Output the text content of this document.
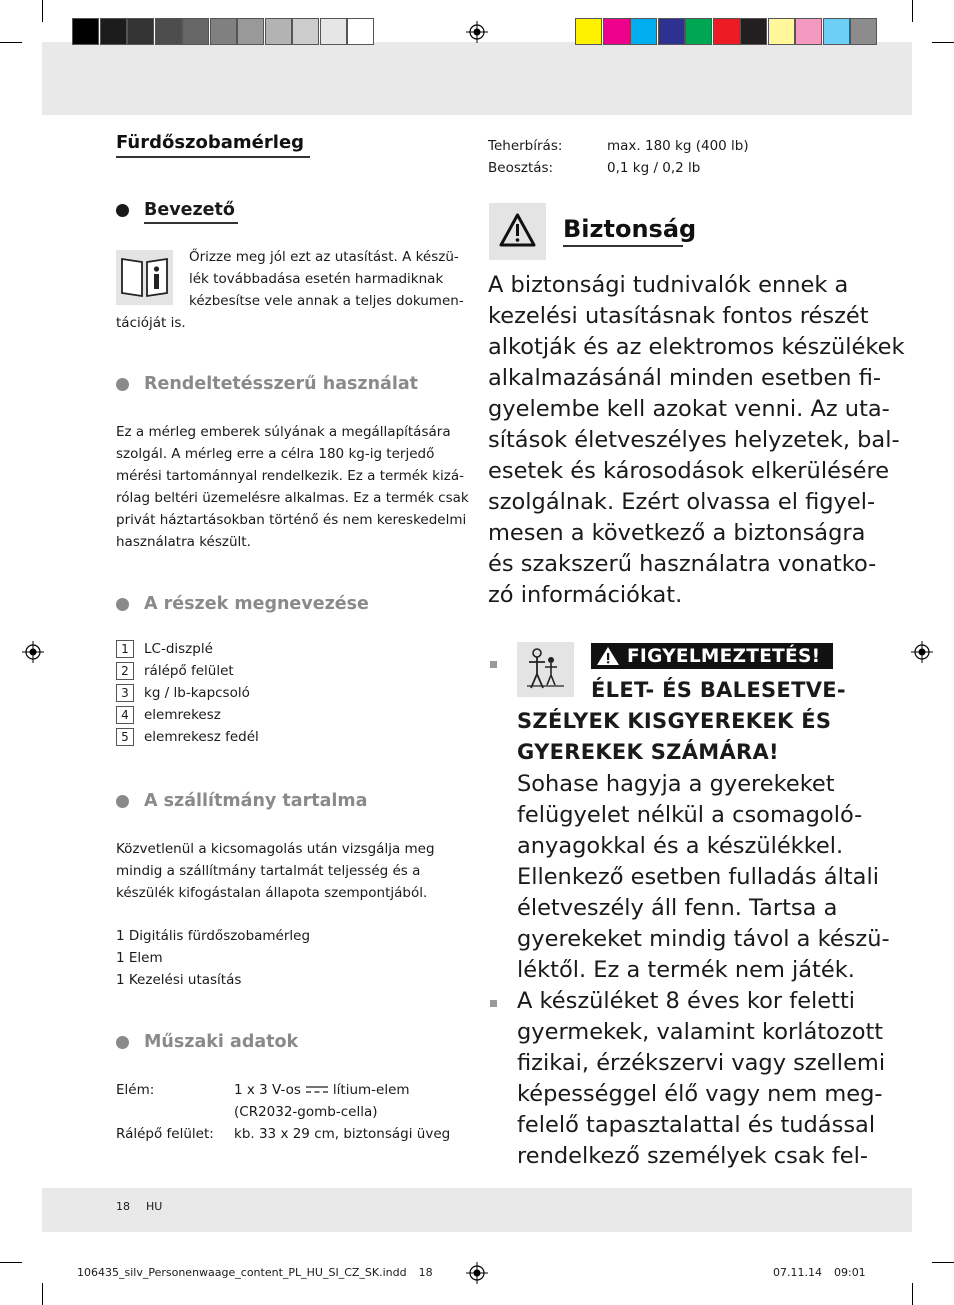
Fürdőszobamérleg
Bevezető
Őrizze meg jól ezt az utasítást. A készü-
lék továbbadása esetén harmadiknak
kézbesítse vele annak a teljes dokumen-
tációját is.
Rendeltetésszerű használat
Ez a mérleg emberek súlyának a megállapítására
szolgál. A mérleg erre a célra 180 kg-ig terjedő
mérési tartománnyal rendelkezik. Ez a termék kizá-
rólag beltéri üzemelésre alkalmas. Ez a termék csak
privát háztartásokban történő és nem kereskedelmi
használatra készült.
A részek megnevezése
1	LC-diszplé
2	rálépő felület
3	kg / lb-kapcsoló
4	elemrekesz
5	elemrekesz fedél
A szállítmány tartalma
Közvetlenül a kicsomagolás után vizsgálja meg
mindig a szállítmány tartalmát teljesség és a
készülék kifogástalan állapota szempontjából.
1 Digitális fürdőszobamérleg
1 Elem
1 Kezelési utasítás
Műszaki adatok
Elém:	1 x 3 V-os lítium-elem
(CR2032-gomb-cella)
Rálépő felület: kb. 33 x 29 cm, biztonsági üveg
Teherbírás:	max. 180 kg (400 lb)
Beosztás:	0,1 kg / 0,2 lb
Biztonság
A biztonsági tudnivalók ennek a
kezelési utasításnak fontos részét
alkotják és az elektromos készülékek
alkalmazásánál minden esetben fi-
gyelembe kell azokat venni. Az uta-
sítások életveszélyes helyzetek, bal-
esetek és károsodások elkerülésére
szolgálnak. Ezért olvassa el figyel-
mesen a következő a biztonságra
és szakszerű használatra vonatko-
zó információkat.
FIGYELMEZTETÉS!
ÉLET- ÉS BALESETVE-
SZÉLYEK KISGYEREKEK ÉS
GYEREKEK SZÁMÁRA!
Sohase hagyja a gyerekeket
felügyelet nélkül a csomagoló-
anyagokkal és a készülékkel.
Ellenkező esetben fulladás általi
életveszély áll fenn. Tartsa a
gyerekeket mindig távol a készü-
léktől. Ez a termék nem játék.
A készüléket 8 éves kor feletti
gyermekek, valamint korlátozott
fizikai, érzékszervi vagy szellemi
képességgel élő vagy nem meg-
felelő tapasztalattal és tudással
rendelkező személyek csak fel-
18 HU
106435_silv_Personenwaage_content_PL_HU_SI_CZ_SK.indd 18	07.11.14 09:01
